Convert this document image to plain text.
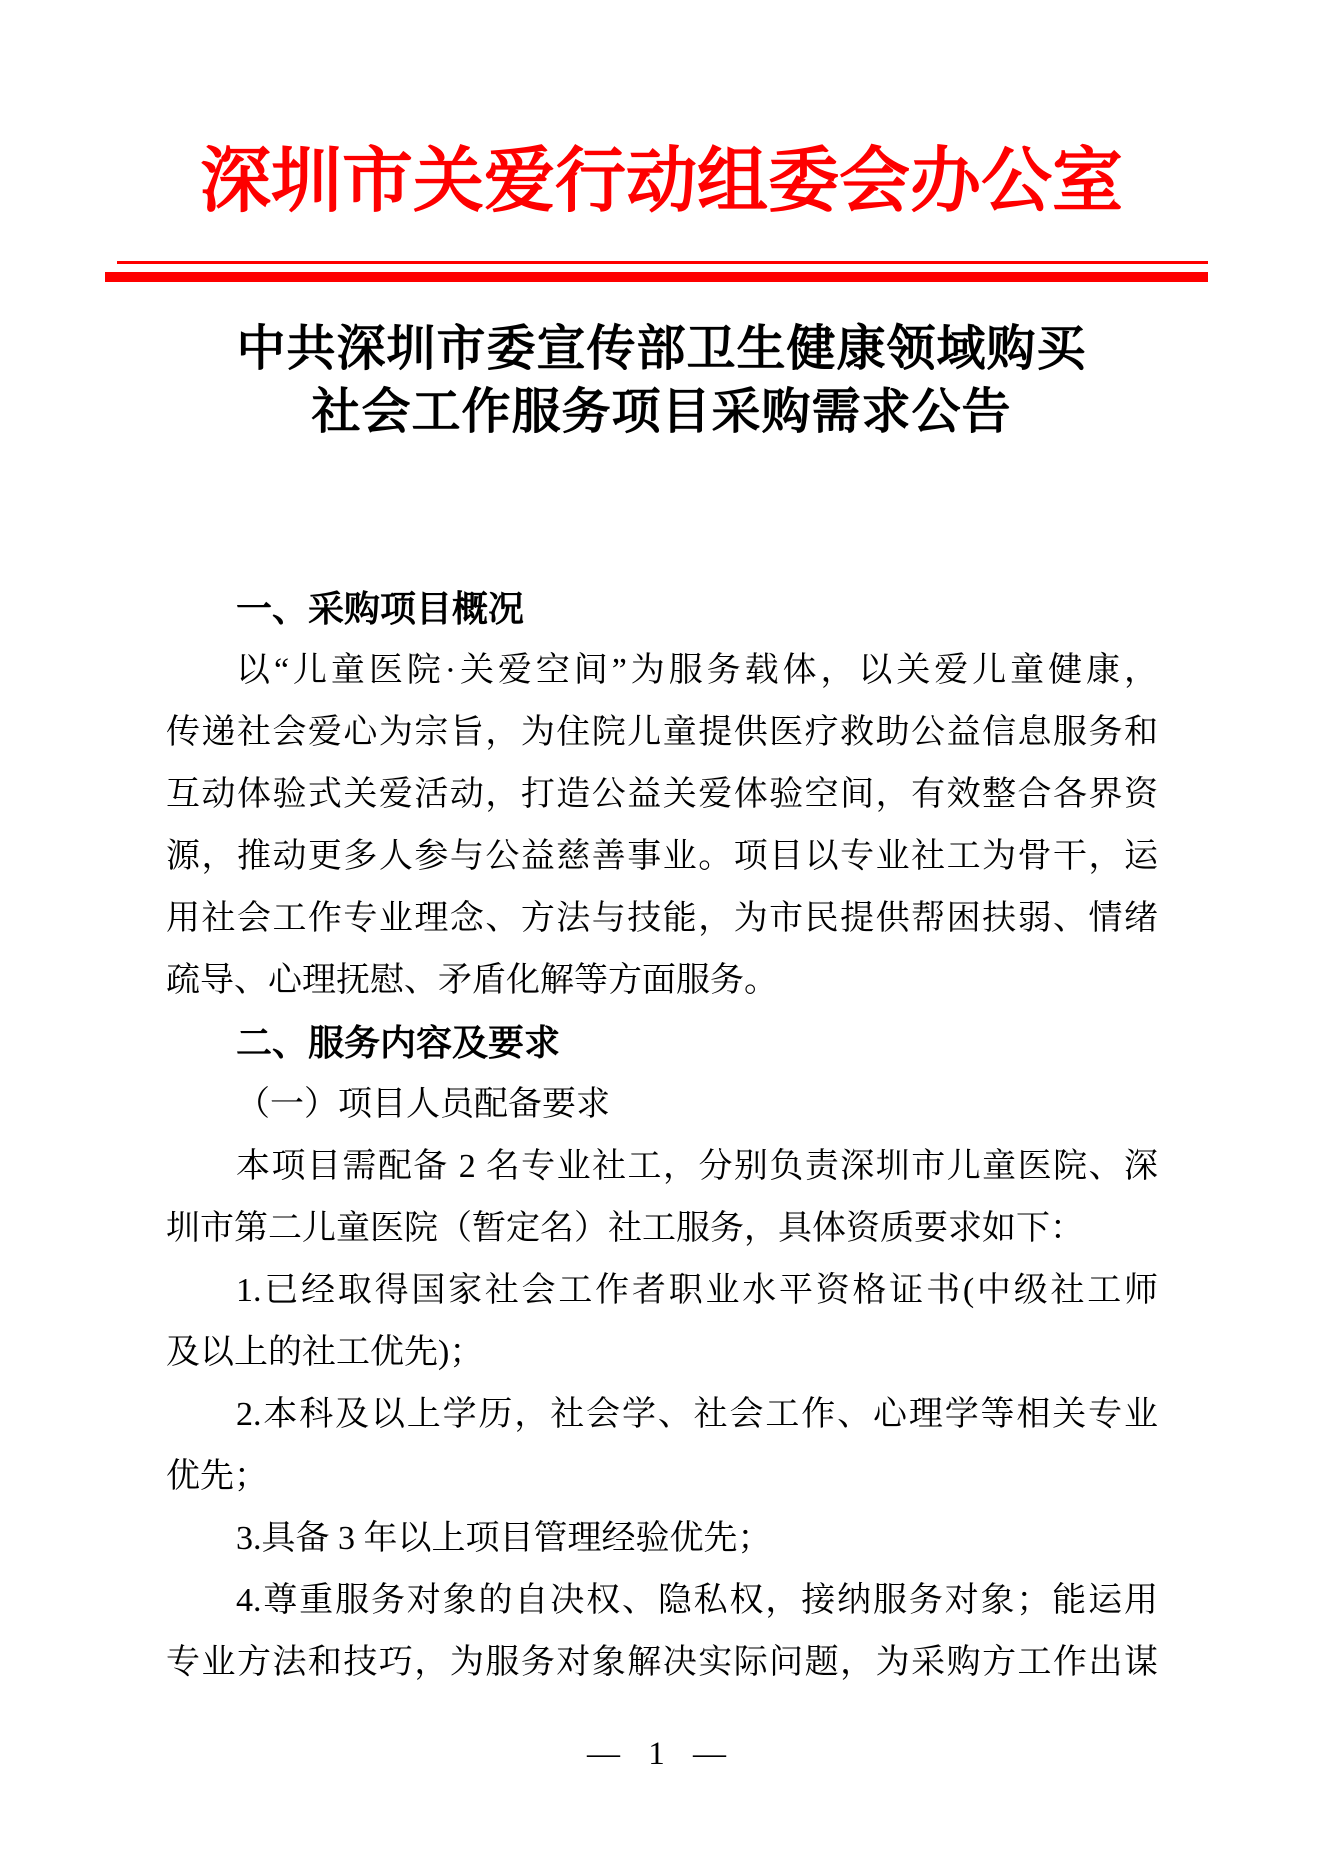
深圳市关爱行动组委会办公室
中共深圳市委宣传部卫生健康领域购买
社会工作服务项目采购需求公告
一、采购项目概况
以“儿童医院·关爱空间”为服务载体，以关爱儿童健康，
传递社会爱心为宗旨，为住院儿童提供医疗救助公益信息服务和
互动体验式关爱活动，打造公益关爱体验空间，有效整合各界资
源，推动更多人参与公益慈善事业。项目以专业社工为骨干，运
用社会工作专业理念、方法与技能，为市民提供帮困扶弱、情绪
疏导、心理抚慰、矛盾化解等方面服务。
二、服务内容及要求
（一）项目人员配备要求
本项目需配备 2 名专业社工，分别负责深圳市儿童医院、深
圳市第二儿童医院（暂定名）社工服务，具体资质要求如下：
1.已经取得国家社会工作者职业水平资格证书(中级社工师
及以上的社工优先)；
2.本科及以上学历，社会学、社会工作、心理学等相关专业
优先；
3.具备 3 年以上项目管理经验优先；
4.尊重服务对象的自决权、隐私权，接纳服务对象；能运用
专业方法和技巧，为服务对象解决实际问题，为采购方工作出谋
— 1 —
